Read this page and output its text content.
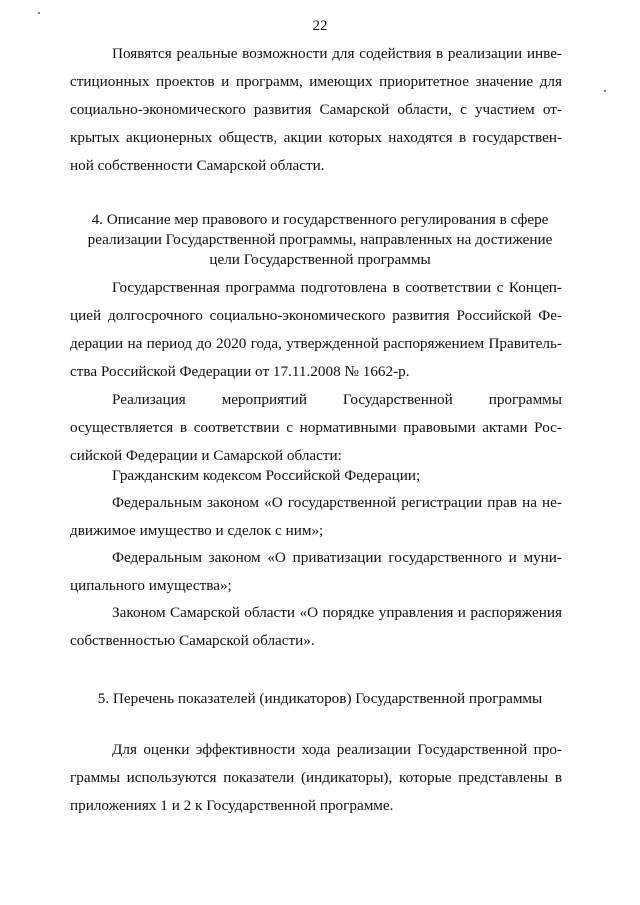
22
Появятся реальные возможности для содействия в реализации инве-
стиционных проектов и программ, имеющих приоритетное значение для
социально-экономического развития Самарской области, с участием от-
крытых акционерных обществ, акции которых находятся в государствен-
ной собственности Самарской области.
4. Описание мер правового и государственного регулирования в сфере
реализации Государственной программы, направленных на достижение
цели Государственной программы
Государственная программа подготовлена в соответствии с Концеп-
цией долгосрочного социально-экономического развития Российской Фе-
дерации на период до 2020 года, утвержденной распоряжением Правитель-
ства Российской Федерации от 17.11.2008 № 1662-р.
Реализация мероприятий Государственной программы
осуществляется в соответствии с нормативными правовыми актами Рос-
сийской Федерации и Самарской области:
Гражданским кодексом Российской Федерации;
Федеральным законом «О государственной регистрации прав на не-
движимое имущество и сделок с ним»;
Федеральным законом «О приватизации государственного и муни-
ципального имущества»;
Законом Самарской области «О порядке управления и распоряжения
собственностью Самарской области».
5. Перечень показателей (индикаторов) Государственной программы
Для оценки эффективности хода реализации Государственной про-
граммы используются показатели (индикаторы), которые представлены в
приложениях 1 и 2 к Государственной программе.
